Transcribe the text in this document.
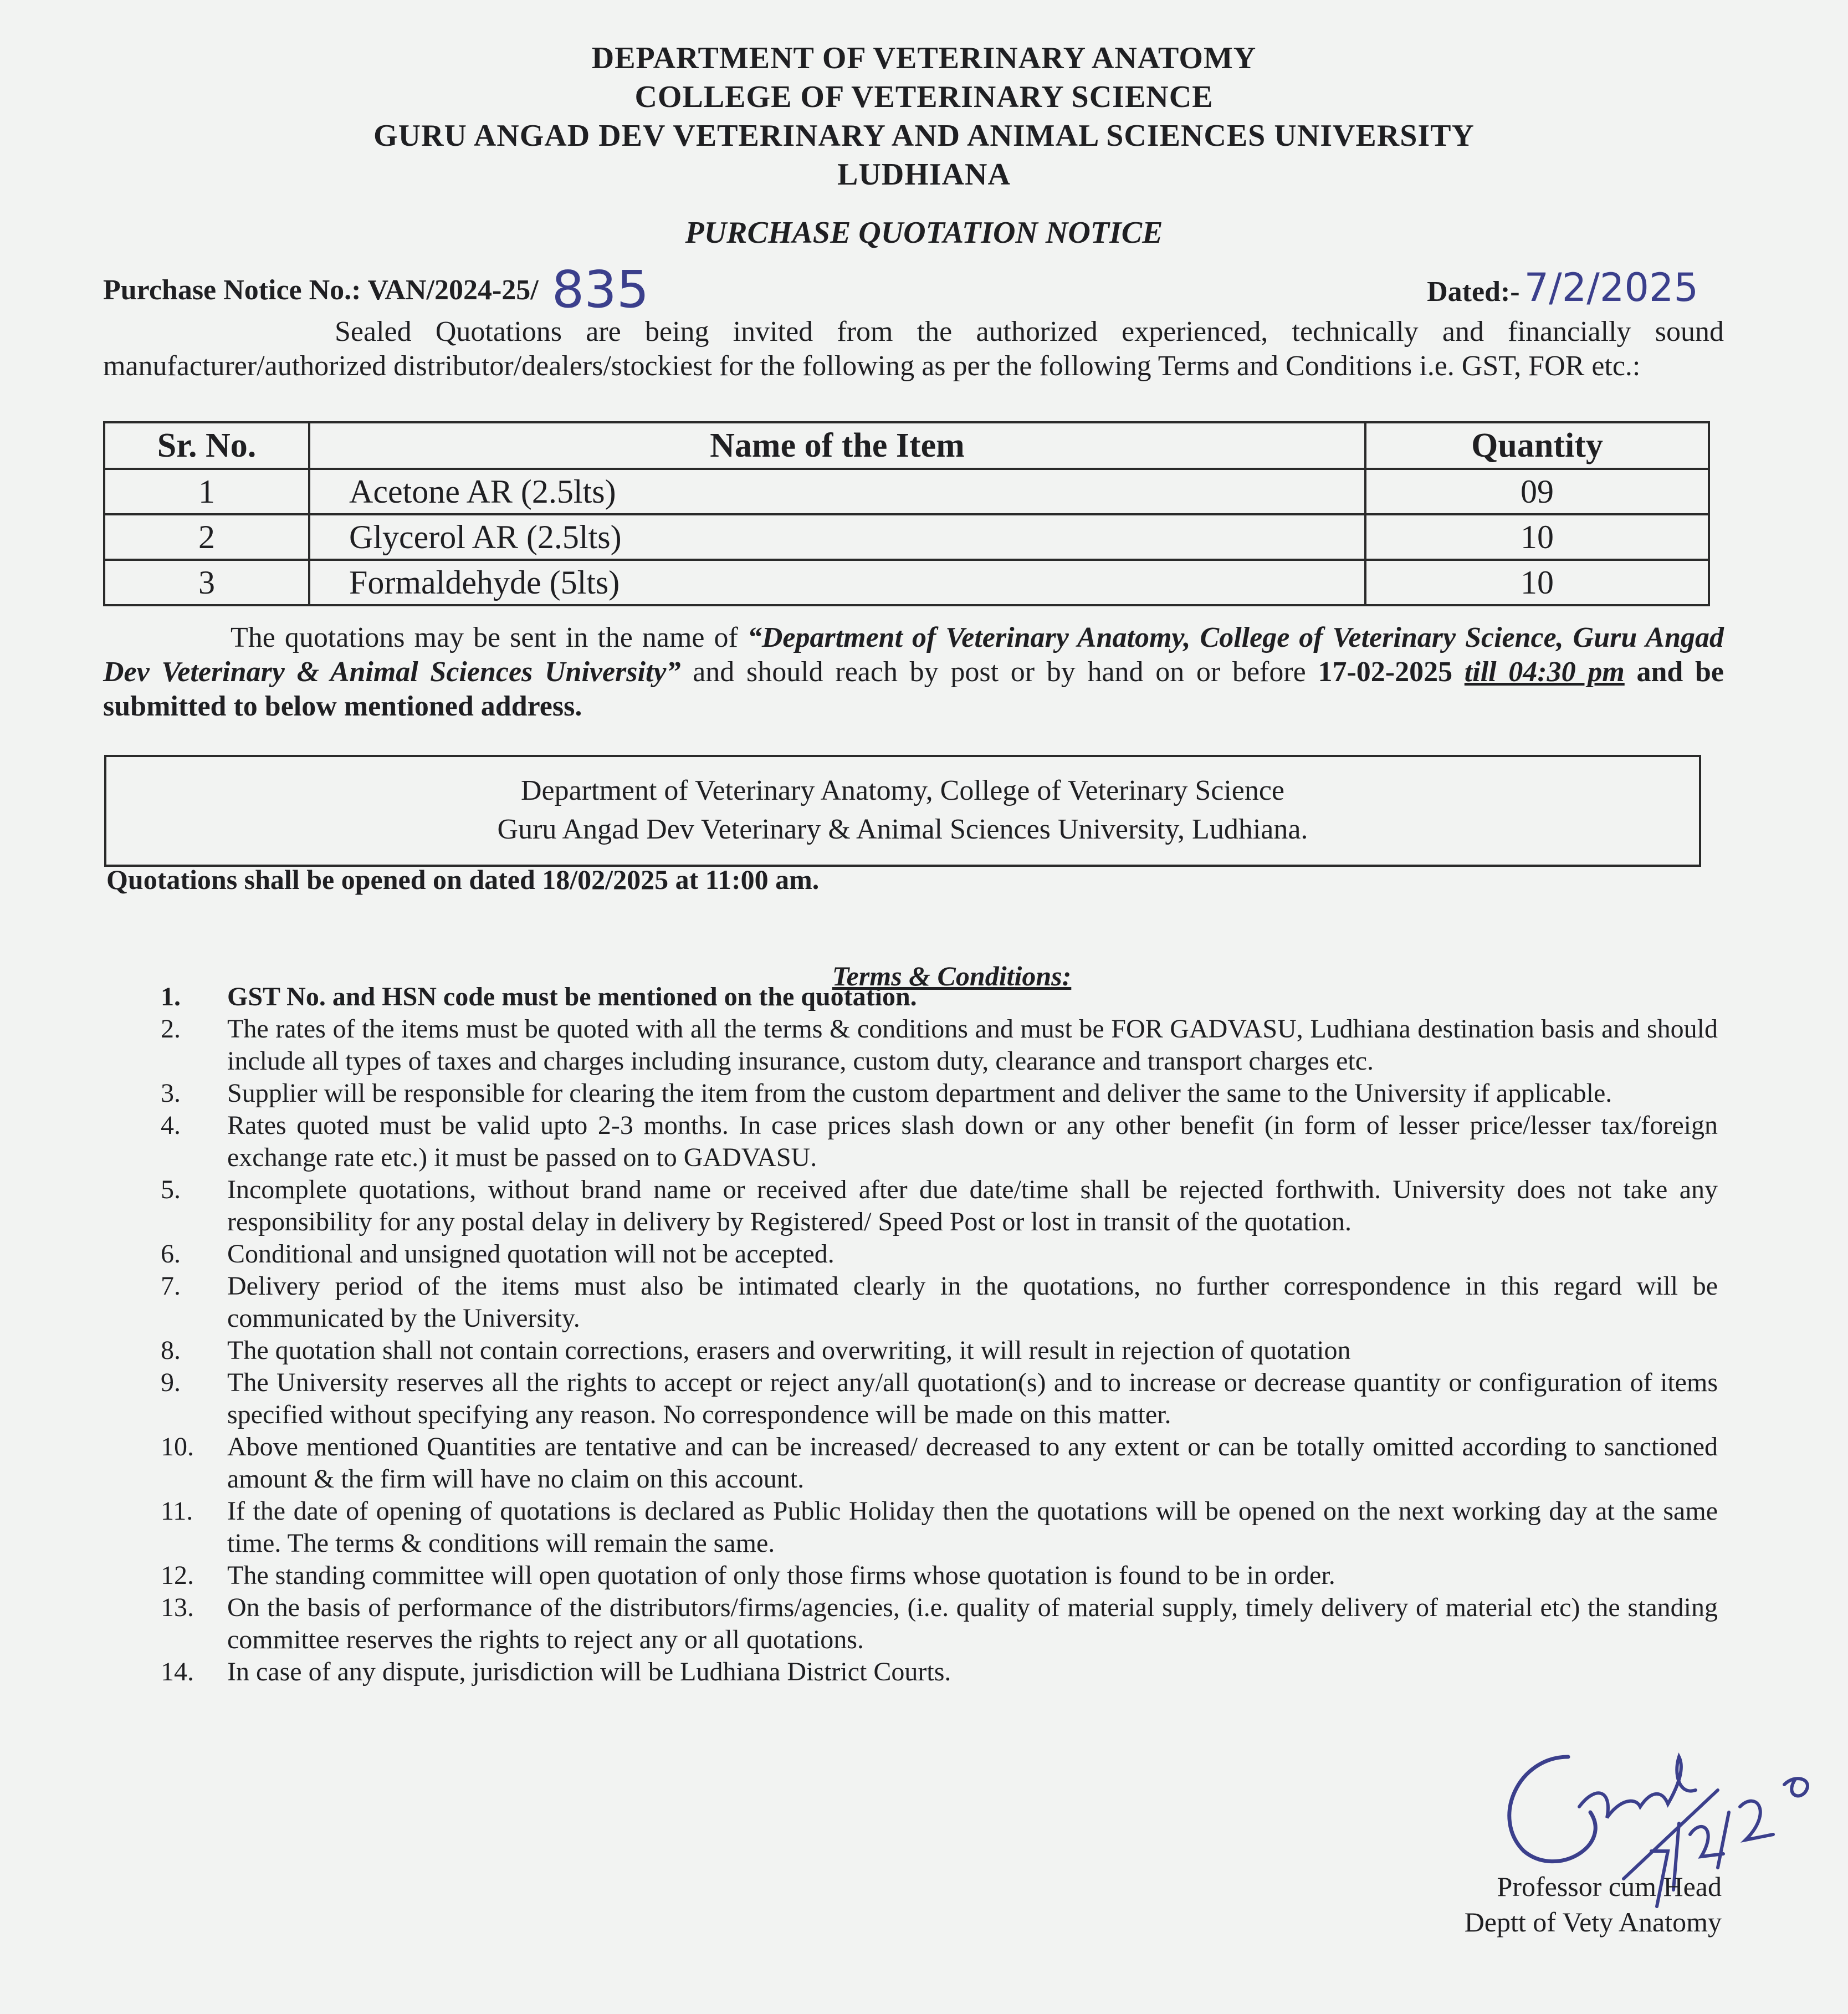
DEPARTMENT OF VETERINARY ANATOMY
COLLEGE OF VETERINARY SCIENCE
GURU ANGAD DEV VETERINARY AND ANIMAL SCIENCES UNIVERSITY
LUDHIANA
PURCHASE QUOTATION NOTICE
Purchase Notice No.: VAN/2024-25/ 835	Dated:- 7/2/2025
Sealed Quotations are being invited from the authorized experienced, technically and financially sound manufacturer/authorized distributor/dealers/stockiest for the following as per the following Terms and Conditions i.e. GST, FOR etc.:
Sr. No.	Name of the Item	Quantity
1	Acetone AR (2.5lts)	09
2	Glycerol AR (2.5lts)	10
3	Formaldehyde (5lts)	10
The quotations may be sent in the name of “Department of Veterinary Anatomy, College of Veterinary Science, Guru Angad Dev Veterinary & Animal Sciences University” and should reach by post or by hand on or before 17-02-2025 till 04:30 pm and be submitted to below mentioned address.
Department of Veterinary Anatomy, College of Veterinary Science
Guru Angad Dev Veterinary & Animal Sciences University, Ludhiana.
Quotations shall be opened on dated 18/02/2025 at 11:00 am.
Terms & Conditions:
1.	GST No. and HSN code must be mentioned on the quotation.
2.	The rates of the items must be quoted with all the terms & conditions and must be FOR GADVASU, Ludhiana destination basis and should include all types of taxes and charges including insurance, custom duty, clearance and transport charges etc.
3.	Supplier will be responsible for clearing the item from the custom department and deliver the same to the University if applicable.
4.	Rates quoted must be valid upto 2-3 months. In case prices slash down or any other benefit (in form of lesser price/lesser tax/foreign exchange rate etc.) it must be passed on to GADVASU.
5.	Incomplete quotations, without brand name or received after due date/time shall be rejected forthwith. University does not take any responsibility for any postal delay in delivery by Registered/ Speed Post or lost in transit of the quotation.
6.	Conditional and unsigned quotation will not be accepted.
7.	Delivery period of the items must also be intimated clearly in the quotations, no further correspondence in this regard will be communicated by the University.
8.	The quotation shall not contain corrections, erasers and overwriting, it will result in rejection of quotation
9.	The University reserves all the rights to accept or reject any/all quotation(s) and to increase or decrease quantity or configuration of items specified without specifying any reason. No correspondence will be made on this matter.
10.	Above mentioned Quantities are tentative and can be increased/ decreased to any extent or can be totally omitted according to sanctioned amount & the firm will have no claim on this account.
11.	If the date of opening of quotations is declared as Public Holiday then the quotations will be opened on the next working day at the same time. The terms & conditions will remain the same.
12.	The standing committee will open quotation of only those firms whose quotation is found to be in order.
13.	On the basis of performance of the distributors/firms/agencies, (i.e. quality of material supply, timely delivery of material etc) the standing committee reserves the rights to reject any or all quotations.
14.	In case of any dispute, jurisdiction will be Ludhiana District Courts.
Professor cum Head
Deptt of Vety Anatomy
